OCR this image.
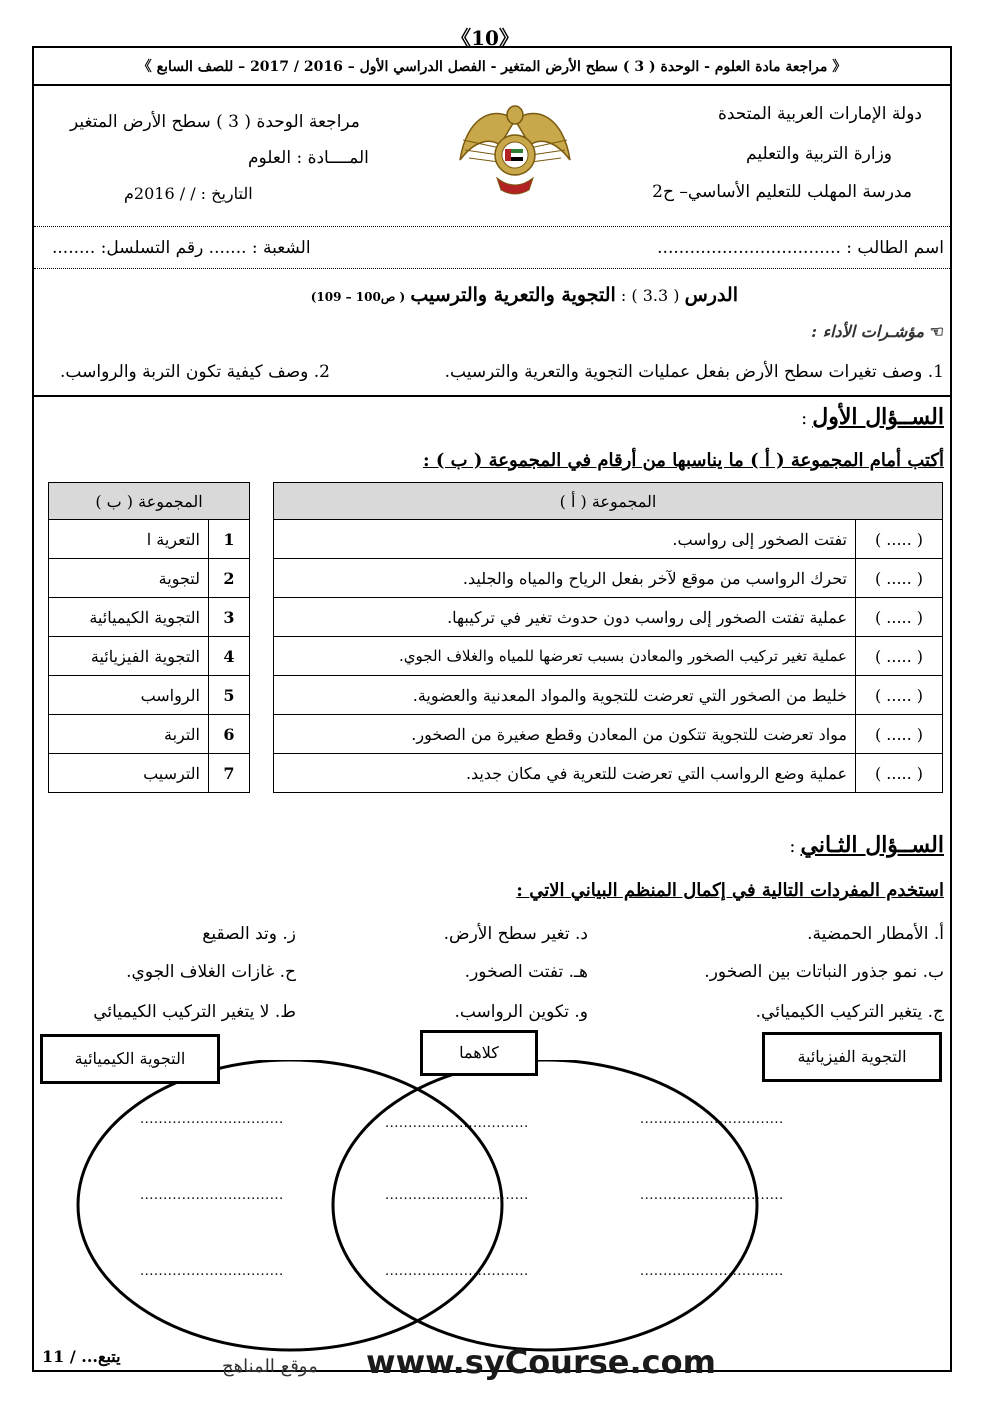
《10》
《 مراجعة مادة العلوم - الوحدة ( 3 ) سطح الأرض المتغير - الفصل الدراسي الأول – 2016 / 2017 – للصف السابع 》
دولة الإمارات العربية المتحدة
وزارة التربية والتعليم
مدرسة المهلب للتعليم الأساسي– ح2
مراجعة الوحدة ( 3 ) سطح الأرض المتغير
المــــادة : العلوم
التاريخ : / / 2016م
اسم الطالب : ..................................
الشعبة : ....... رقم التسلسل: ........
الدرس ( 3.3 ) : التجوية والتعرية والترسيب ( ص100 – 109)
☜ مؤشـرات الأداء :
1. وصف تغيرات سطح الأرض بفعل عمليات التجوية والتعرية والترسيب.
2. وصف كيفية تكون التربة والرواسب.
الســؤال الأول :
أكتب أمام المجموعة ( أ ) ما يناسبها من أرقام في المجموعة ( ب ) :
المجموعة ( أ )	
( ..... )	تفتت الصخور إلى رواسب.
( ..... )	تحرك الرواسب من موقع لآخر بفعل الرياح والمياه والجليد.
( ..... )	عملية تفتت الصخور إلى رواسب دون حدوث تغير في تركيبها.
( ..... )	عملية تغير تركيب الصخور والمعادن بسبب تعرضها للمياه والغلاف الجوي.
( ..... )	خليط من الصخور التي تعرضت للتجوية والمواد المعدنية والعضوية.
( ..... )	مواد تعرضت للتجوية تتكون من المعادن وقطع صغيرة من الصخور.
( ..... )	عملية وضع الرواسب التي تعرضت للتعرية في مكان جديد.
المجموعة ( ب )	
1	التعرية ا
2	لتجوية
3	التجوية الكيميائية
4	التجوية الفيزيائية
5	الرواسب
6	التربة
7	الترسيب
الســؤال الثـاني :
استخدم المفردات التالية في إكمال المنظم البياني الاتي :
أ. الأمطار الحمضية.
ب. نمو جذور النباتات بين الصخور.
ج. يتغير التركيب الكيميائي.
د. تغير سطح الأرض.
هـ. تفتت الصخور.
و. تكوين الرواسب.
ز. وتد الصقيع
ح. غازات الغلاف الجوي.
ط. لا يتغير التركيب الكيميائي
التجوية الفيزيائية
كلاهما
التجوية الكيميائية
...............................
...............................
...............................
...............................
...............................
...............................
...............................
...............................
...............................
يتبع... / 11	www.syCourse.com
موقع المناهج
